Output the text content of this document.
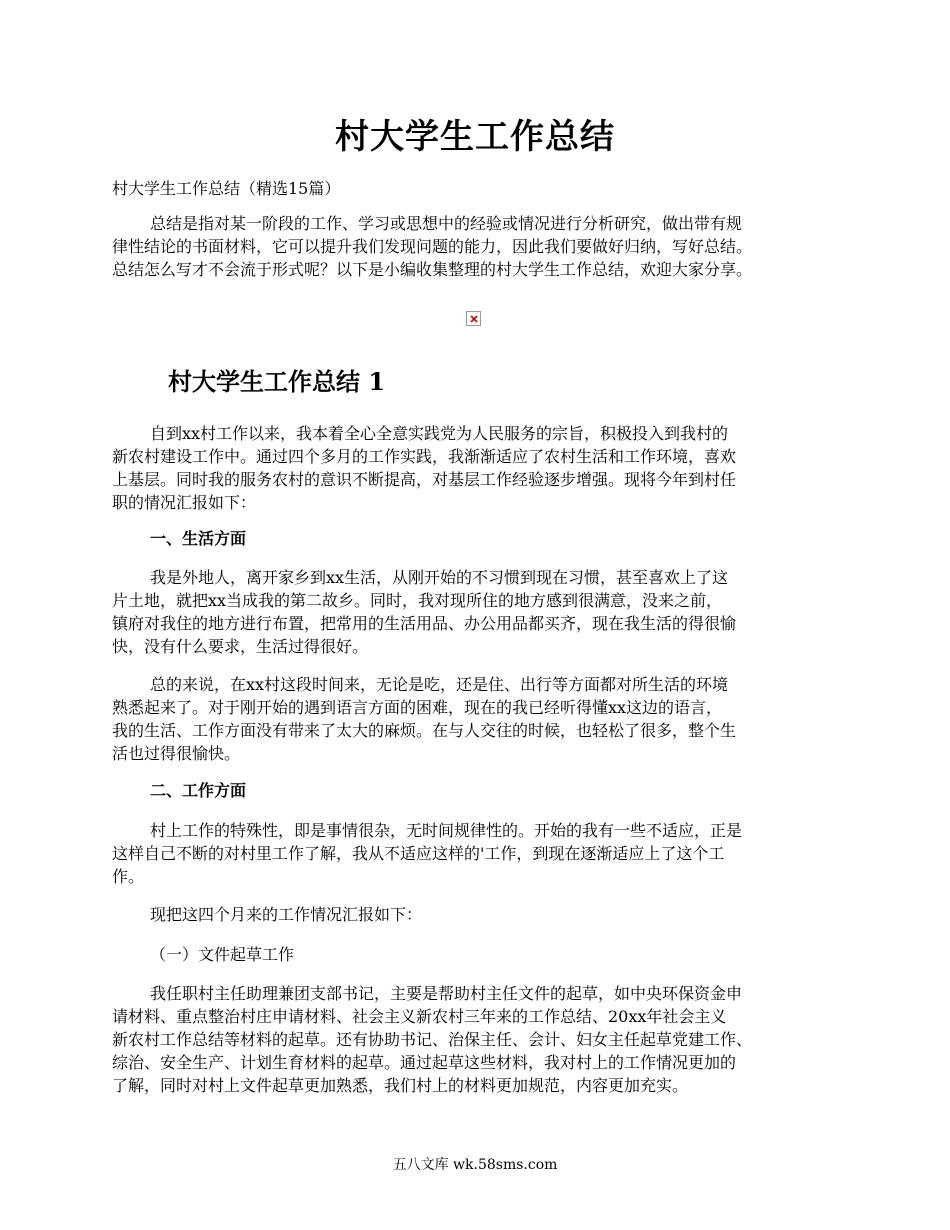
村大学生工作总结
村大学生工作总结（精选15篇）
总结是指对某一阶段的工作、学习或思想中的经验或情况进行分析研究，做出带有规
律性结论的书面材料，它可以提升我们发现问题的能力，因此我们要做好归纳，写好总结。
总结怎么写才不会流于形式呢？以下是小编收集整理的村大学生工作总结，欢迎大家分享。
村大学生工作总结 1
自到xx村工作以来，我本着全心全意实践党为人民服务的宗旨，积极投入到我村的
新农村建设工作中。通过四个多月的工作实践，我渐渐适应了农村生活和工作环境，喜欢
上基层。同时我的服务农村的意识不断提高，对基层工作经验逐步增强。现将今年到村任
职的情况汇报如下：
一、生活方面
我是外地人，离开家乡到xx生活，从刚开始的不习惯到现在习惯，甚至喜欢上了这
片土地，就把xx当成我的第二故乡。同时，我对现所住的地方感到很满意，没来之前，
镇府对我住的地方进行布置，把常用的生活用品、办公用品都买齐，现在我生活的得很愉
快，没有什么要求，生活过得很好。
总的来说，在xx村这段时间来，无论是吃，还是住、出行等方面都对所生活的环境
熟悉起来了。对于刚开始的遇到语言方面的困难，现在的我已经听得懂xx这边的语言，
我的生活、工作方面没有带来了太大的麻烦。在与人交往的时候，也轻松了很多，整个生
活也过得很愉快。
二、工作方面
村上工作的特殊性，即是事情很杂，无时间规律性的。开始的我有一些不适应，正是
这样自己不断的对村里工作了解，我从不适应这样的'工作，到现在逐渐适应上了这个工
作。
现把这四个月来的工作情况汇报如下：
（一）文件起草工作
我任职村主任助理兼团支部书记，主要是帮助村主任文件的起草，如中央环保资金申
请材料、重点整治村庄申请材料、社会主义新农村三年来的工作总结、20xx年社会主义
新农村工作总结等材料的起草。还有协助书记、治保主任、会计、妇女主任起草党建工作、
综治、安全生产、计划生育材料的起草。通过起草这些材料，我对村上的工作情况更加的
了解，同时对村上文件起草更加熟悉，我们村上的材料更加规范，内容更加充实。
五八文库 wk.58sms.com
